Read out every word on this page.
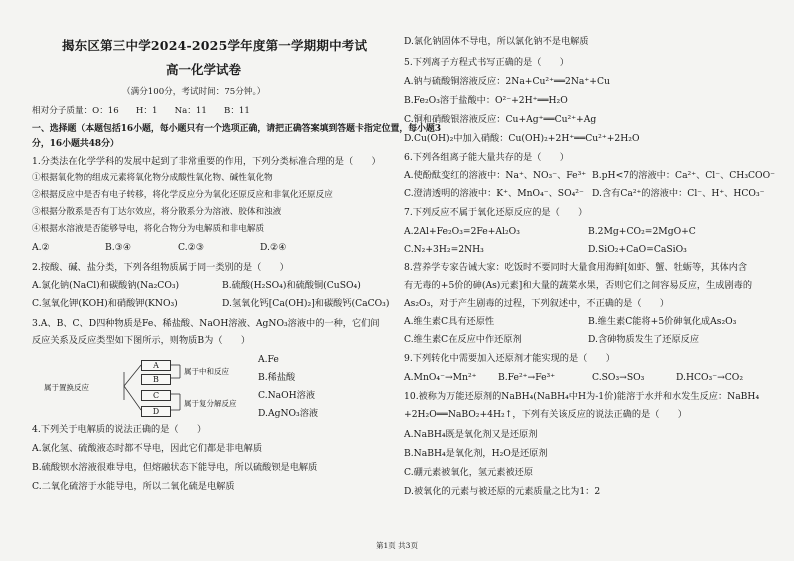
揭东区第三中学2024-2025学年度第一学期期中考试
高一化学试卷
（满分100分，考试时间：75分钟。）
相对分子质量：O：16　　H：1　　Na：11　　B：11
一、选择题（本题包括16小题，每小题只有一个选项正确，请把正确答案填到答题卡指定位置，每小题3
分，16小题共48分）
1.分类法在化学学科的发展中起到了非常重要的作用，下列分类标准合理的是（　　）
①根据氧化物的组成元素将氧化物分成酸性氧化物、碱性氧化物
②根据反应中是否有电子转移，将化学反应分为氧化还原反应和非氧化还原反应
③根据分散系是否有丁达尔效应，将分散系分为溶液、胶体和浊液
④根据水溶液是否能够导电，将化合物分为电解质和非电解质
A.②	B.③④	C.②③	D.②④
2.按酸、碱、盐分类，下列各组物质属于同一类别的是（　　）
A.氯化钠(NaCl)和碳酸钠(Na₂CO₃)	B.硫酸(H₂SO₄)和硫酸铜(CuSO₄)
C.氢氧化钾(KOH)和硝酸钾(KNO₃)	D.氢氧化钙[Ca(OH)₂]和碳酸钙(CaCO₃)
3.A、B、C、D四种物质是Fe、稀盐酸、NaOH溶液、AgNO₃溶液中的一种，它们间
反应关系及反应类型如下图所示，则物质B为（　　）
A
B
C
D
属于置换反应
属于中和反应
属于复分解反应
A.Fe
B.稀盐酸
C.NaOH溶液
D.AgNO₃溶液
4.下列关于电解质的说法正确的是（　　）
A.氯化氢、硫酸液态时都不导电，因此它们都是非电解质
B.硫酸钡水溶液很难导电，但熔融状态下能导电，所以硫酸钡是电解质
C.二氧化硫溶于水能导电，所以二氧化硫是电解质
D.氯化钠固体不导电，所以氯化钠不是电解质
5.下列离子方程式书写正确的是（　　）
A.钠与硫酸铜溶液反应：2Na+Cu²⁺══2Na⁺+Cu
B.Fe₂O₃溶于盐酸中：O²⁻+2H⁺══H₂O
C.铜和硝酸银溶液反应：Cu+Ag⁺══Cu²⁺+Ag
D.Cu(OH)₂中加入硝酸：Cu(OH)₂+2H⁺══Cu²⁺+2H₂O
6.下列各组离子能大量共存的是（　　）
A.使酚酞变红的溶液中：Na⁺、NO₃⁻、Fe³⁺ B.pH<7的溶液中：Ca²⁺、Cl⁻、CH₃COO⁻
C.澄清透明的溶液中：K⁺、MnO₄⁻、SO₄²⁻ D.含有Ca²⁺的溶液中：Cl⁻、H⁺、HCO₃⁻
7.下列反应不属于氧化还原反应的是（　　）
A.2Al+Fe₂O₃=2Fe+Al₂O₃	B.2Mg+CO₂=2MgO+C
C.N₂+3H₂=2NH₃	D.SiO₂+CaO=CaSiO₃
8.营养学专家告诫大家：吃饭时不要同时大量食用海鲜[如虾、蟹、牡蛎等，其体内含
有无毒的+5价的砷(As)元素]和大量的蔬菜水果，否则它们之间容易反应，生成剧毒的
As₂O₃，对于产生剧毒的过程，下列叙述中，不正确的是（　　）
A.维生素C具有还原性	B.维生素C能将+5价砷氧化成As₂O₃
C.维生素C在反应中作还原剂	D.含砷物质发生了还原反应
9.下列转化中需要加入还原剂才能实现的是（　　）
A.MnO₄⁻→Mn²⁺ B.Fe²⁺→Fe³⁺	C.SO₃→SO₃	D.HCO₃⁻→CO₂
10.被称为万能还原剂的NaBH₄(NaBH₄中H为-1价)能溶于水并和水发生反应：NaBH₄
+2H₂O══NaBO₂+4H₂↑，下列有关该反应的说法正确的是（　　）
A.NaBH₄既是氧化剂又是还原剂
B.NaBH₄是氧化剂，H₂O是还原剂
C.硼元素被氧化，氢元素被还原
D.被氧化的元素与被还原的元素质量之比为1：2
第1页 共3页
